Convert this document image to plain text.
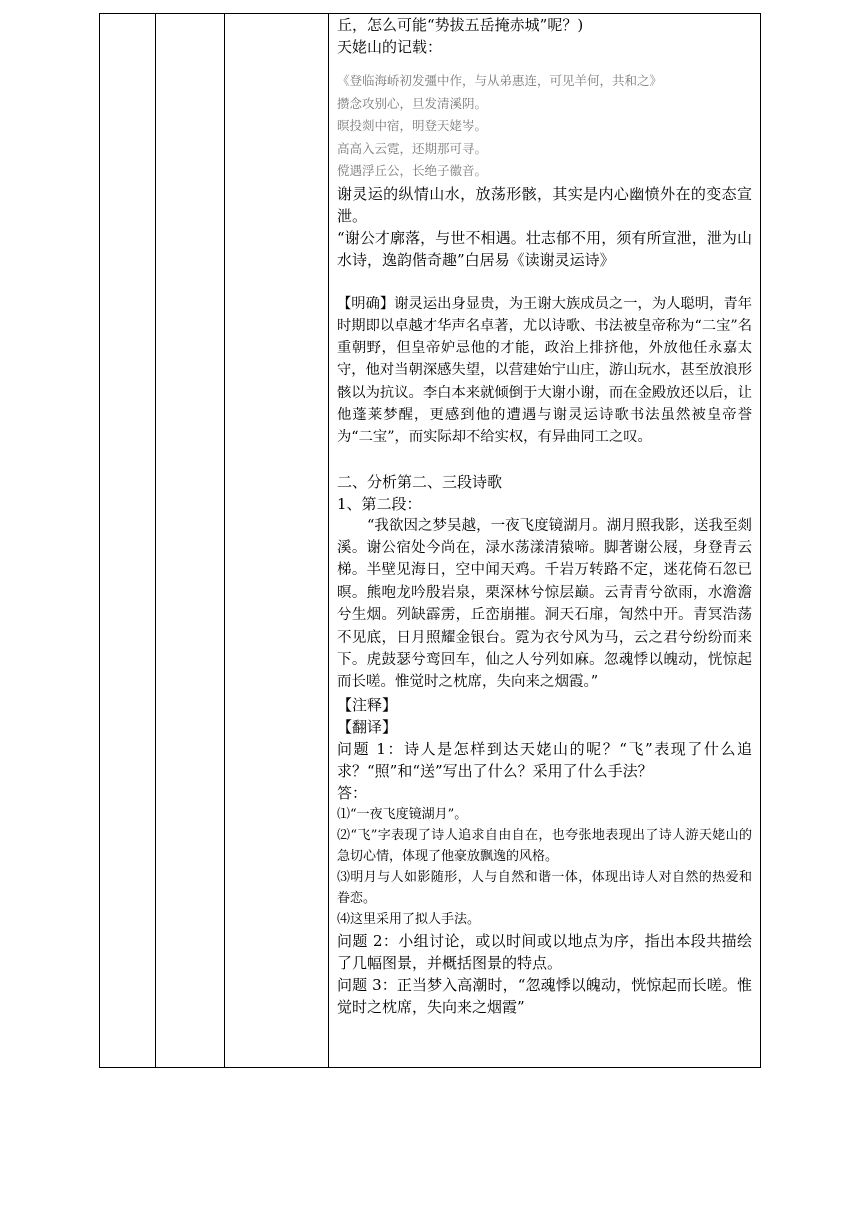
丘，怎么可能“势拔五岳掩赤城”呢？)

天姥山的记载：

《登临海峤初发彊中作，与从弟惠连，可见羊何，共和之》

攒念攻别心，旦发清溪阴。

暝投剡中宿，明登天姥岑。

高高入云霓，还期那可寻。

傥遇浮丘公，长绝子徽音。

谢灵运的纵情山水，放荡形骸，其实是内心幽愤外在的变态宣泄。

“谢公才廓落，与世不相遇。壮志郁不用，须有所宣泄，泄为山水诗，逸韵偕奇趣”白居易《读谢灵运诗》

【明确】谢灵运出身显贵，为王谢大族成员之一，为人聪明，青年时期即以卓越才华声名卓著，尤以诗歌、书法被皇帝称为“二宝”名重朝野，但皇帝妒忌他的才能，政治上排挤他，外放他任永嘉太守，他对当朝深感失望，以营建始宁山庄，游山玩水，甚至放浪形骸以为抗议。李白本来就倾倒于大谢小谢，而在金殿放还以后，让他蓬莱梦醒，更感到他的遭遇与谢灵运诗歌书法虽然被皇帝誉为“二宝”，而实际却不给实权，有异曲同工之叹。

二、分析第二、三段诗歌

1、第二段：

“我欲因之梦吴越，一夜飞度镜湖月。湖月照我影，送我至剡溪。谢公宿处今尚在，渌水荡漾清猿啼。脚著谢公屐，身登青云梯。半壁见海日，空中闻天鸡。千岩万转路不定，迷花倚石忽已暝。熊咆龙吟殷岩泉，栗深林兮惊层巅。云青青兮欲雨，水澹澹兮生烟。列缺霹雳，丘峦崩摧。洞天石扉，訇然中开。青冥浩荡不见底，日月照耀金银台。霓为衣兮风为马，云之君兮纷纷而来下。虎鼓瑟兮鸾回车，仙之人兮列如麻。忽魂悸以魄动，恍惊起而长嗟。惟觉时之枕席，失向来之烟霞。”

【注释】

【翻译】

问题 1：诗人是怎样到达天姥山的呢？“飞”表现了什么追求？“照”和“送”写出了什么？采用了什么手法？

答：

⑴“一夜飞度镜湖月”。

⑵“飞”字表现了诗人追求自由自在，也夸张地表现出了诗人游天姥山的急切心情，体现了他豪放飘逸的风格。

⑶明月与人如影随形，人与自然和谐一体，体现出诗人对自然的热爱和眷恋。

⑷这里采用了拟人手法。

问题 2：小组讨论，或以时间或以地点为序，指出本段共描绘了几幅图景，并概括图景的特点。

问题 3：正当梦入高潮时，“忽魂悸以魄动，恍惊起而长嗟。惟觉时之枕席，失向来之烟霞”
